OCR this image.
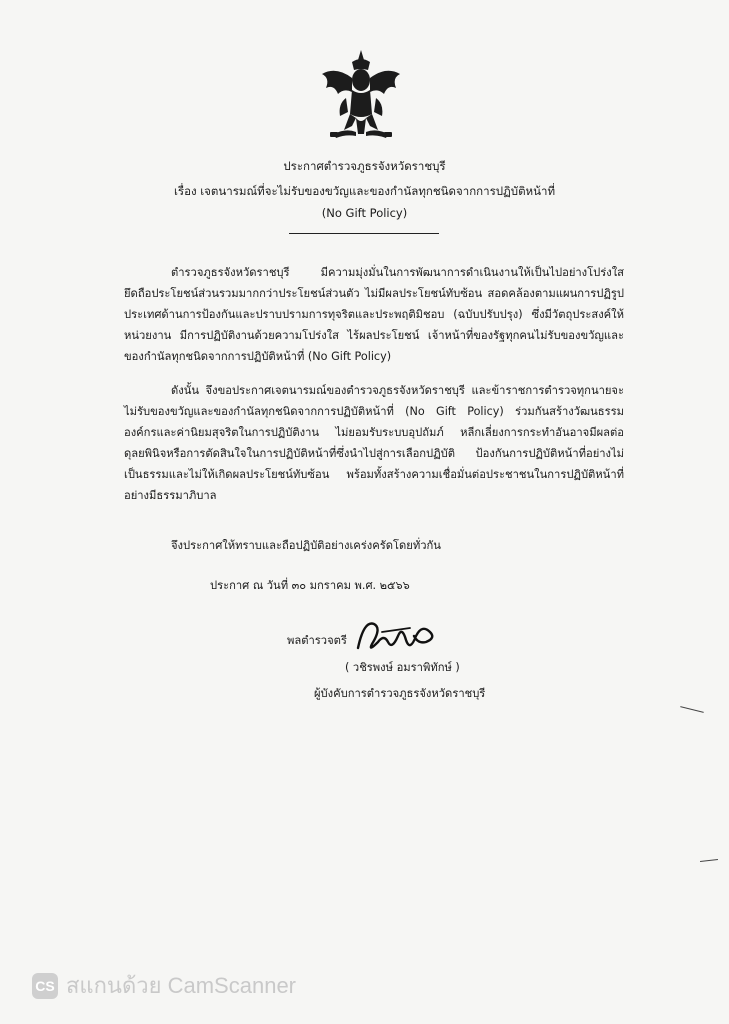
ประกาศตำรวจภูธรจังหวัดราชบุรี
เรื่อง เจตนารมณ์ที่จะไม่รับของขวัญและของกำนัลทุกชนิดจากการปฏิบัติหน้าที่
(No Gift Policy)

ตำรวจภูธรจังหวัดราชบุรี มีความมุ่งมั่นในการพัฒนาการดำเนินงานให้เป็นไปอย่างโปร่งใส ยึดถือประโยชน์ส่วนรวมมากกว่าประโยชน์ส่วนตัว ไม่มีผลประโยชน์ทับซ้อน สอดคล้องตามแผนการปฏิรูปประเทศด้านการป้องกันและปราบปรามการทุจริตและประพฤติมิชอบ (ฉบับปรับปรุง) ซึ่งมีวัตถุประสงค์ให้หน่วยงาน มีการปฏิบัติงานด้วยความโปร่งใส ไร้ผลประโยชน์ เจ้าหน้าที่ของรัฐทุกคนไม่รับของขวัญและของกำนัลทุกชนิดจากการปฏิบัติหน้าที่ (No Gift Policy)

ดังนั้น จึงขอประกาศเจตนารมณ์ของตำรวจภูธรจังหวัดราชบุรี และข้าราชการตำรวจทุกนายจะไม่รับของขวัญและของกำนัลทุกชนิดจากการปฏิบัติหน้าที่ (No Gift Policy) ร่วมกันสร้างวัฒนธรรมองค์กรและค่านิยมสุจริตในการปฏิบัติงาน ไม่ยอมรับระบบอุปถัมภ์ หลีกเลี่ยงการกระทำอันอาจมีผลต่อดุลยพินิจหรือการตัดสินใจในการปฏิบัติหน้าที่ซึ่งนำไปสู่การเลือกปฏิบัติ ป้องกันการปฏิบัติหน้าที่อย่างไม่เป็นธรรมและไม่ให้เกิดผลประโยชน์ทับซ้อน พร้อมทั้งสร้างความเชื่อมั่นต่อประชาชนในการปฏิบัติหน้าที่อย่างมีธรรมาภิบาล

จึงประกาศให้ทราบและถือปฏิบัติอย่างเคร่งครัดโดยทั่วกัน
ประกาศ ณ วันที่ ๓๐ มกราคม พ.ศ. ๒๕๖๖
พลตำรวจตรี
( วชิรพงษ์ อมราพิทักษ์ )
ผู้บังคับการตำรวจภูธรจังหวัดราชบุรี
CS สแกนด้วย CamScanner
